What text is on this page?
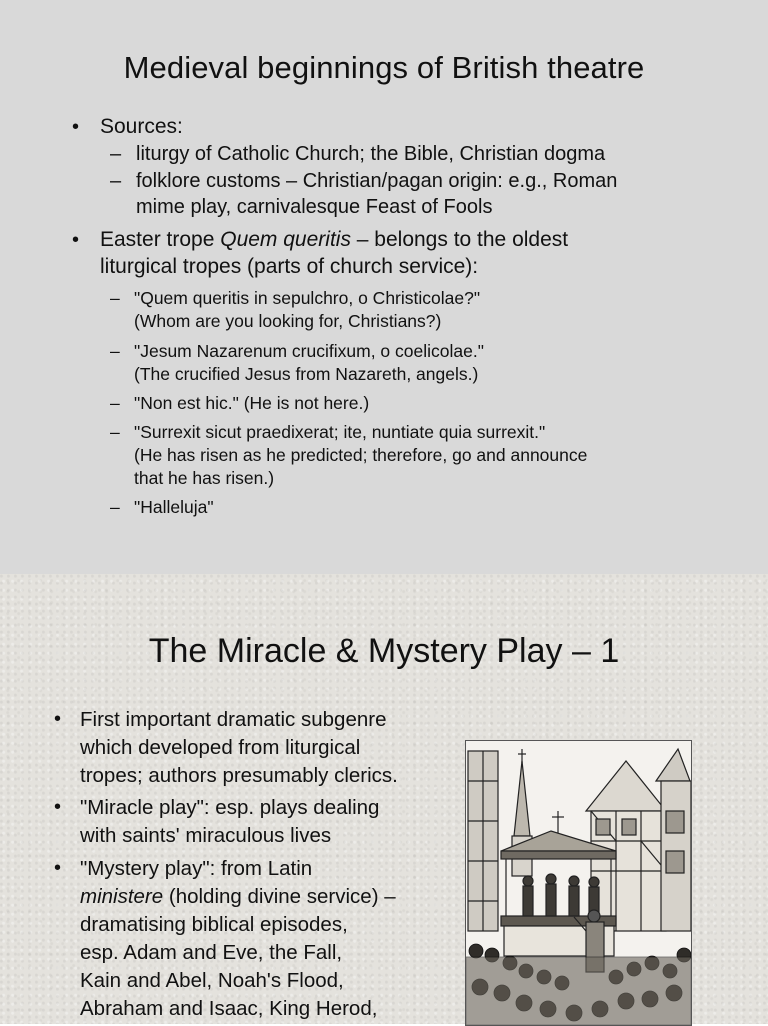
Medieval beginnings of British theatre
• Sources:
– liturgy of Catholic Church; the Bible, Christian dogma
– folklore customs – Christian/pagan origin: e.g., Roman
mime play, carnivalesque Feast of Fools
• Easter trope Quem queritis – belongs to the oldest
liturgical tropes (parts of church service):
– "Quem queritis in sepulchro, o Christicolae?"
(Whom are you looking for, Christians?)
– "Jesum Nazarenum crucifixum, o coelicolae."
(The crucified Jesus from Nazareth, angels.)
– "Non est hic." (He is not here.)
– "Surrexit sicut praedixerat; ite, nuntiate quia surrexit."
(He has risen as he predicted; therefore, go and announce
that he has risen.)
– "Halleluja"
The Miracle & Mystery Play – 1
• First important dramatic subgenre
which developed from liturgical
tropes; authors presumably clerics.
• "Miracle play": esp. plays dealing
with saints' miraculous lives
• "Mystery play": from Latin
ministere (holding divine service) –
dramatising biblical episodes,
esp. Adam and Eve, the Fall,
Kain and Abel, Noah's Flood,
Abraham and Isaac, King Herod,
